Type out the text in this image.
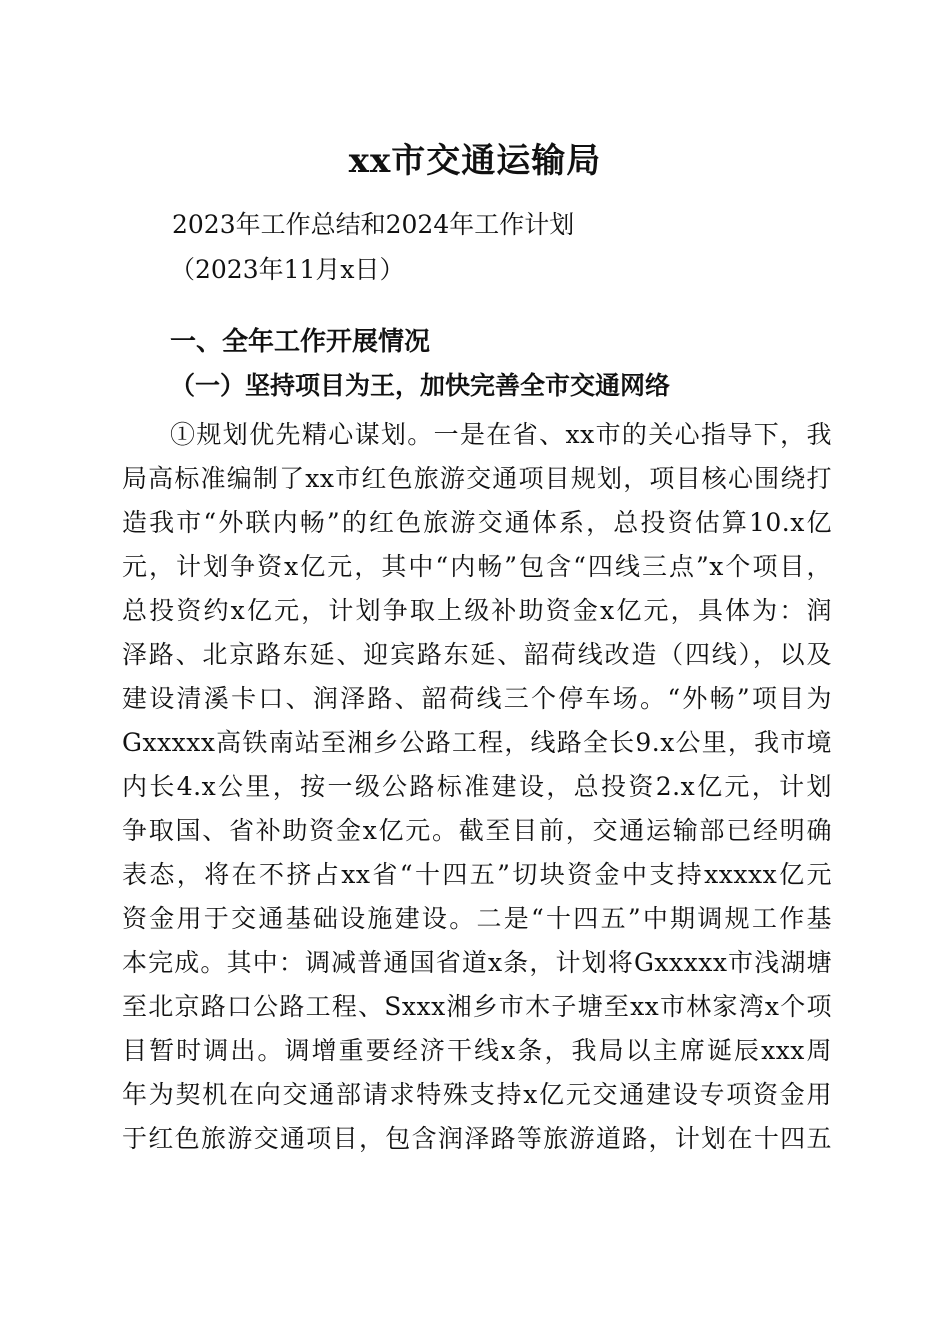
xx市交通运输局
2023年工作总结和2024年工作计划
（2023年11月x日）
一、全年工作开展情况
（一）坚持项目为王，加快完善全市交通网络
①规划优先精心谋划。一是在省、xx市的关心指导下，我
局高标准编制了xx市红色旅游交通项目规划，项目核心围绕打
造我市“外联内畅”的红色旅游交通体系，总投资估算10.x亿
元，计划争资x亿元，其中“内畅”包含“四线三点”x个项目，
总投资约x亿元，计划争取上级补助资金x亿元，具体为：润
泽路、北京路东延、迎宾路东延、韶荷线改造（四线），以及
建设清溪卡口、润泽路、韶荷线三个停车场。“外畅”项目为
Gxxxxx高铁南站至湘乡公路工程，线路全长9.x公里，我市境
内长4.x公里，按一级公路标准建设，总投资2.x亿元，计划
争取国、省补助资金x亿元。截至目前，交通运输部已经明确
表态，将在不挤占xx省“十四五”切块资金中支持xxxxx亿元
资金用于交通基础设施建设。二是“十四五”中期调规工作基
本完成。其中：调减普通国省道x条，计划将Gxxxxx市浅湖塘
至北京路口公路工程、Sxxx湘乡市木子塘至xx市林家湾x个项
目暂时调出。调增重要经济干线x条，我局以主席诞辰xxx周
年为契机在向交通部请求特殊支持x亿元交通建设专项资金用
于红色旅游交通项目，包含润泽路等旅游道路，计划在十四五
